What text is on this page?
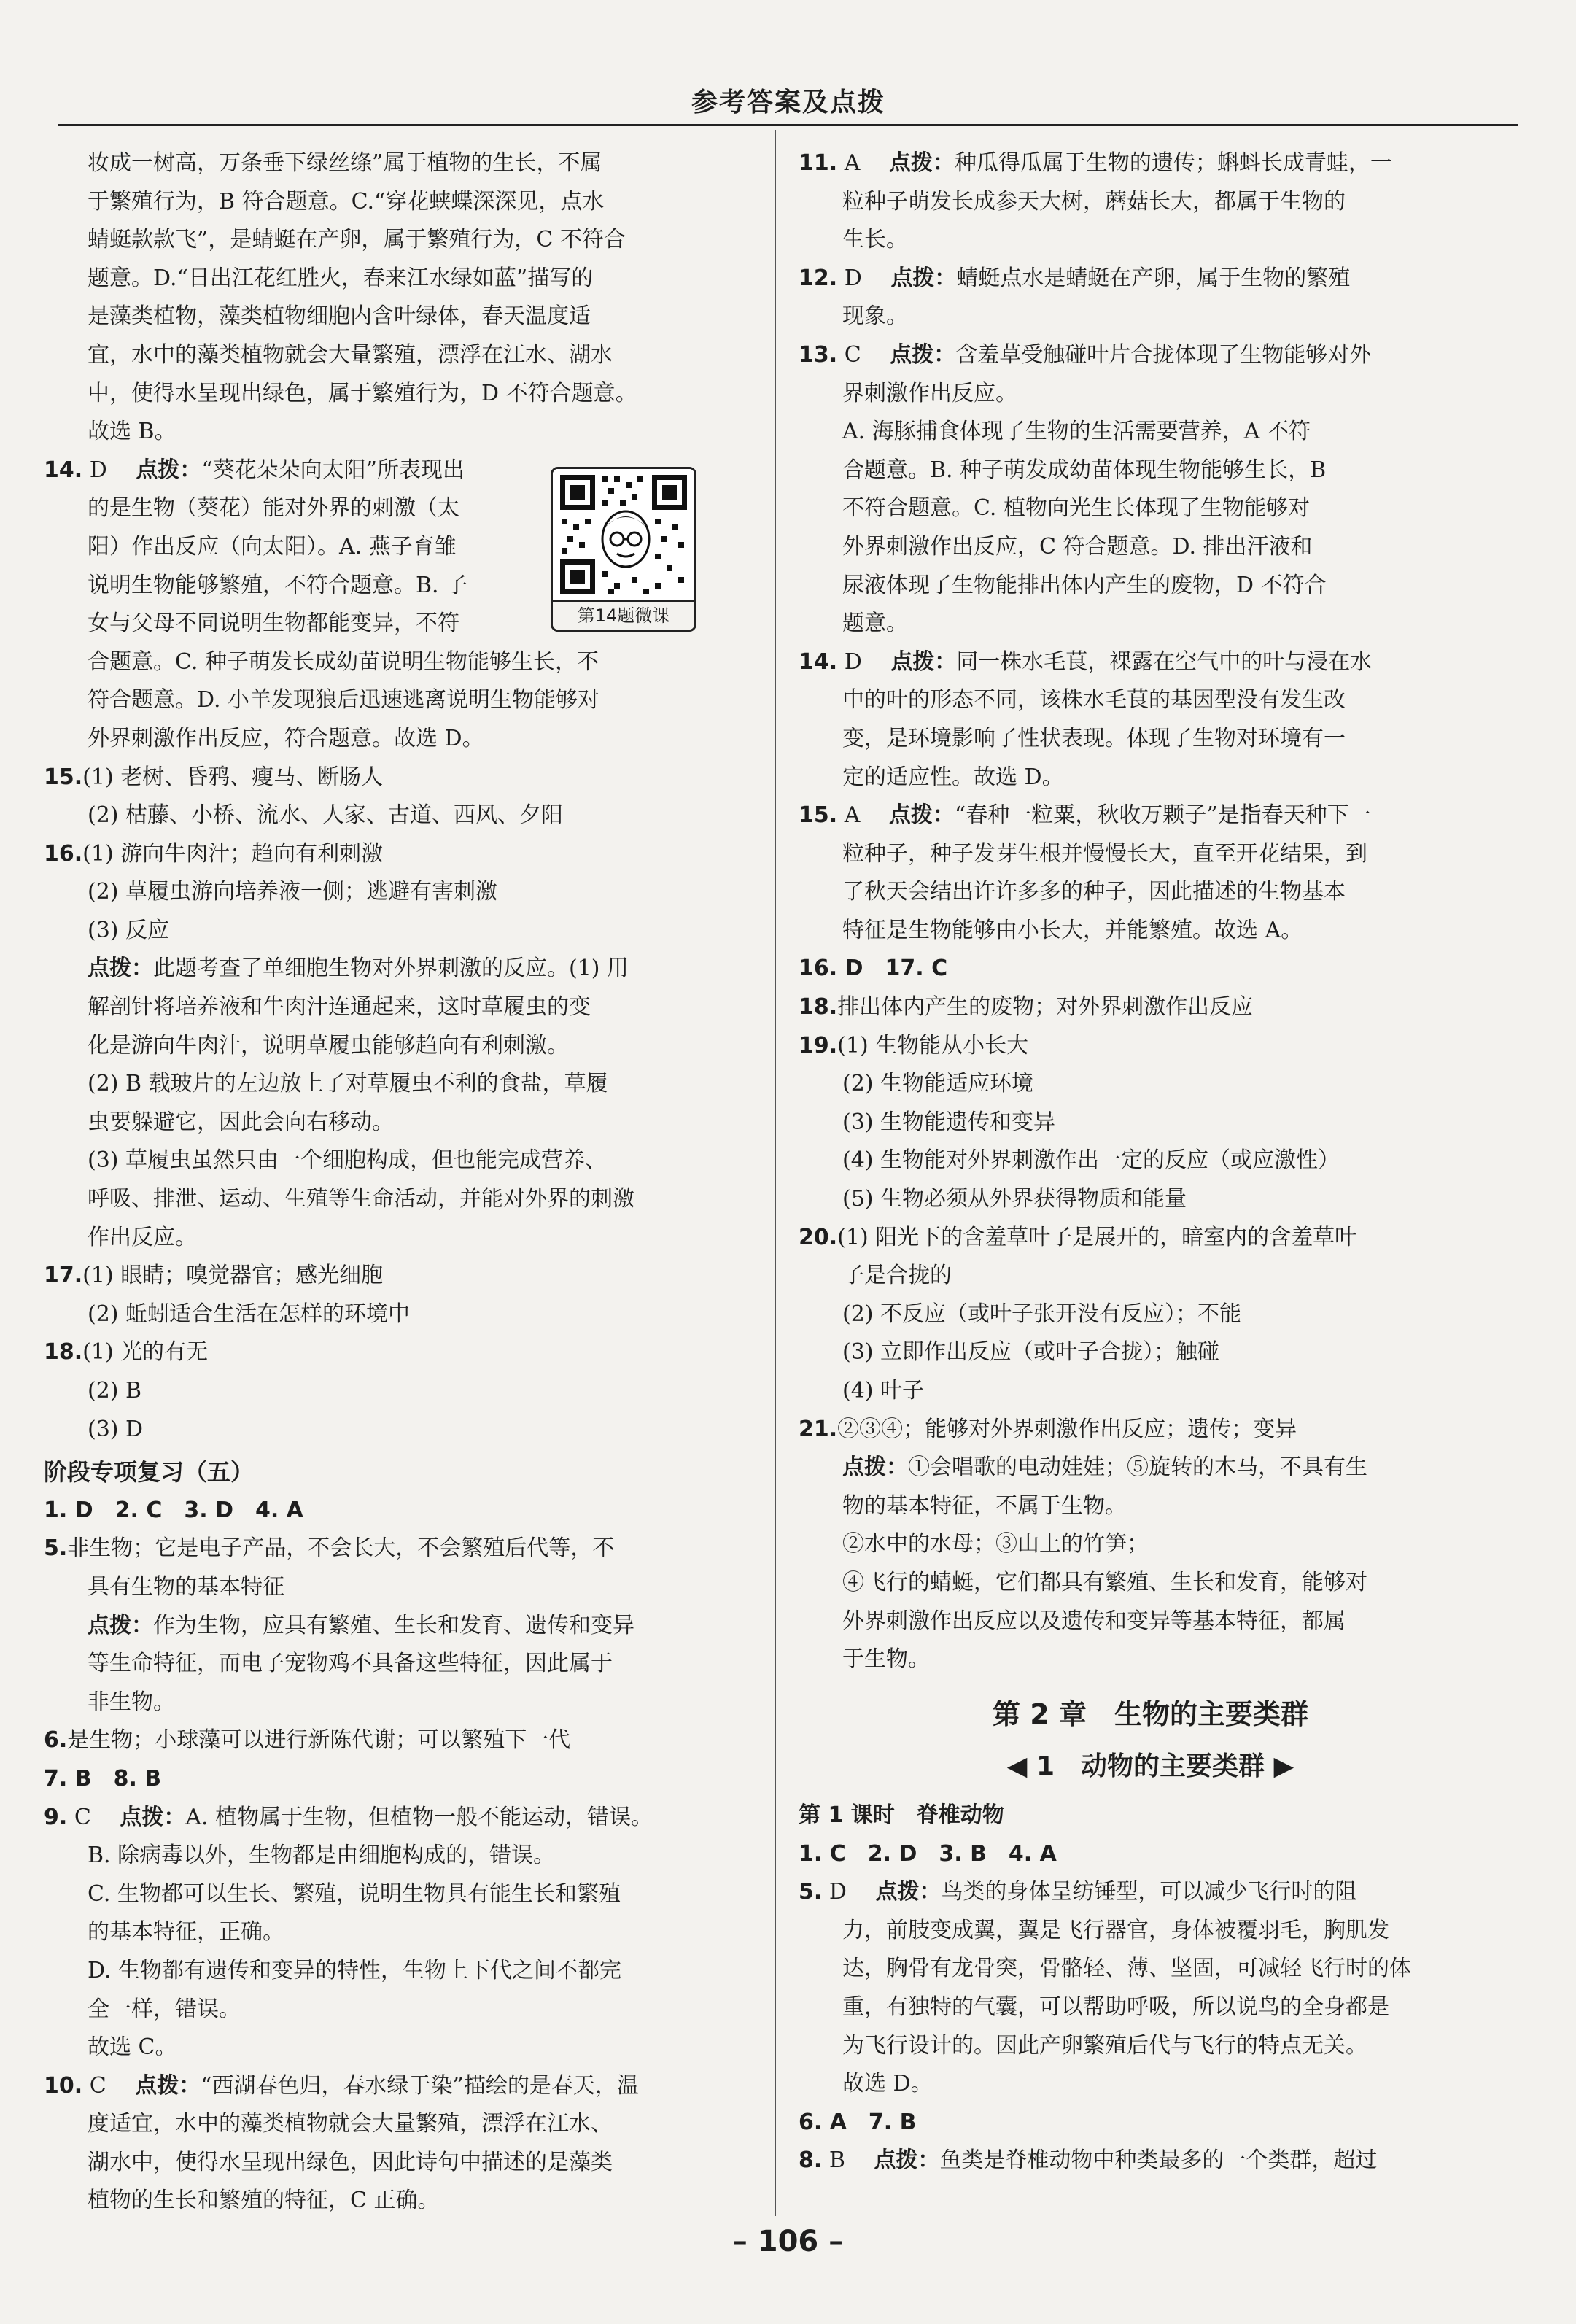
参考答案及点拨
妆成一树高，万条垂下绿丝绦”属于植物的生长，不属
于繁殖行为，B 符合题意。C.“穿花蛱蝶深深见，点水
蜻蜓款款飞”，是蜻蜓在产卵，属于繁殖行为，C 不符合
题意。D.“日出江花红胜火，春来江水绿如蓝”描写的
是藻类植物，藻类植物细胞内含叶绿体，春天温度适
宜，水中的藻类植物就会大量繁殖，漂浮在江水、湖水
中，使得水呈现出绿色，属于繁殖行为，D 不符合题意。
故选 B。
14. D　 点拨：“葵花朵朵向太阳”所表现出
的是生物（葵花）能对外界的刺激（太
阳）作出反应（向太阳）。A. 燕子育雏
说明生物能够繁殖，不符合题意。B. 子
女与父母不同说明生物都能变异，不符
合题意。C. 种子萌发长成幼苗说明生物能够生长，不
符合题意。D. 小羊发现狼后迅速逃离说明生物能够对
外界刺激作出反应，符合题意。故选 D。
15.(1) 老树、昏鸦、瘦马、断肠人
(2) 枯藤、小桥、流水、人家、古道、西风、夕阳
16.(1) 游向牛肉汁；趋向有利刺激
(2) 草履虫游向培养液一侧；逃避有害刺激
(3) 反应
点拨：此题考查了单细胞生物对外界刺激的反应。(1) 用
解剖针将培养液和牛肉汁连通起来，这时草履虫的变
化是游向牛肉汁，说明草履虫能够趋向有利刺激。
(2) B 载玻片的左边放上了对草履虫不利的食盐，草履
虫要躲避它，因此会向右移动。
(3) 草履虫虽然只由一个细胞构成，但也能完成营养、
呼吸、排泄、运动、生殖等生命活动，并能对外界的刺激
作出反应。
17.(1) 眼睛；嗅觉器官；感光细胞
(2) 蚯蚓适合生活在怎样的环境中
18.(1) 光的有无
(2) B
(3) D
阶段专项复习（五）
1. D　2. C　3. D　4. A
5.非生物；它是电子产品，不会长大，不会繁殖后代等，不
具有生物的基本特征
点拨：作为生物，应具有繁殖、生长和发育、遗传和变异
等生命特征，而电子宠物鸡不具备这些特征，因此属于
非生物。
6.是生物；小球藻可以进行新陈代谢；可以繁殖下一代
7. B　8. B
9. C　 点拨：A. 植物属于生物，但植物一般不能运动，错误。
B. 除病毒以外，生物都是由细胞构成的，错误。
C. 生物都可以生长、繁殖，说明生物具有能生长和繁殖
的基本特征，正确。
D. 生物都有遗传和变异的特性，生物上下代之间不都完
全一样，错误。
故选 C。
10. C　 点拨：“西湖春色归，春水绿于染”描绘的是春天，温
度适宜，水中的藻类植物就会大量繁殖，漂浮在江水、
湖水中，使得水呈现出绿色，因此诗句中描述的是藻类
植物的生长和繁殖的特征，C 正确。
第14题微课
11. A　 点拨：种瓜得瓜属于生物的遗传；蝌蚪长成青蛙，一
粒种子萌发长成参天大树，蘑菇长大，都属于生物的
生长。
12. D　 点拨：蜻蜓点水是蜻蜓在产卵，属于生物的繁殖
现象。
13. C　 点拨：含羞草受触碰叶片合拢体现了生物能够对外
界刺激作出反应。
A. 海豚捕食体现了生物的生活需要营养，A 不符
合题意。B. 种子萌发成幼苗体现生物能够生长，B
不符合题意。C. 植物向光生长体现了生物能够对
外界刺激作出反应，C 符合题意。D. 排出汗液和
尿液体现了生物能排出体内产生的废物，D 不符合
题意。
14. D　 点拨：同一株水毛茛，裸露在空气中的叶与浸在水
中的叶的形态不同，该株水毛茛的基因型没有发生改
变，是环境影响了性状表现。体现了生物对环境有一
定的适应性。故选 D。
15. A　 点拨：“春种一粒粟，秋收万颗子”是指春天种下一
粒种子，种子发芽生根并慢慢长大，直至开花结果，到
了秋天会结出许许多多的种子，因此描述的生物基本
特征是生物能够由小长大，并能繁殖。故选 A。
16. D　17. C
18.排出体内产生的废物；对外界刺激作出反应
19.(1) 生物能从小长大
(2) 生物能适应环境
(3) 生物能遗传和变异
(4) 生物能对外界刺激作出一定的反应（或应激性）
(5) 生物必须从外界获得物质和能量
20.(1) 阳光下的含羞草叶子是展开的，暗室内的含羞草叶
子是合拢的
(2) 不反应（或叶子张开没有反应）；不能
(3) 立即作出反应（或叶子合拢）；触碰
(4) 叶子
21.②③④；能够对外界刺激作出反应；遗传；变异
点拨：①会唱歌的电动娃娃；⑤旋转的木马，不具有生
物的基本特征，不属于生物。
②水中的水母；③山上的竹笋；
④飞行的蜻蜓，它们都具有繁殖、生长和发育，能够对
外界刺激作出反应以及遗传和变异等基本特征，都属
于生物。
第 2 章　生物的主要类群
◀ 1　动物的主要类群 ▶
第 1 课时　脊椎动物
1. C　2. D　3. B　4. A
5. D　 点拨：鸟类的身体呈纺锤型，可以减少飞行时的阻
力，前肢变成翼，翼是飞行器官，身体被覆羽毛，胸肌发
达，胸骨有龙骨突，骨骼轻、薄、坚固，可减轻飞行时的体
重，有独特的气囊，可以帮助呼吸，所以说鸟的全身都是
为飞行设计的。因此产卵繁殖后代与飞行的特点无关。
故选 D。
6. A　7. B
8. B　 点拨：鱼类是脊椎动物中种类最多的一个类群，超过
– 106 –
